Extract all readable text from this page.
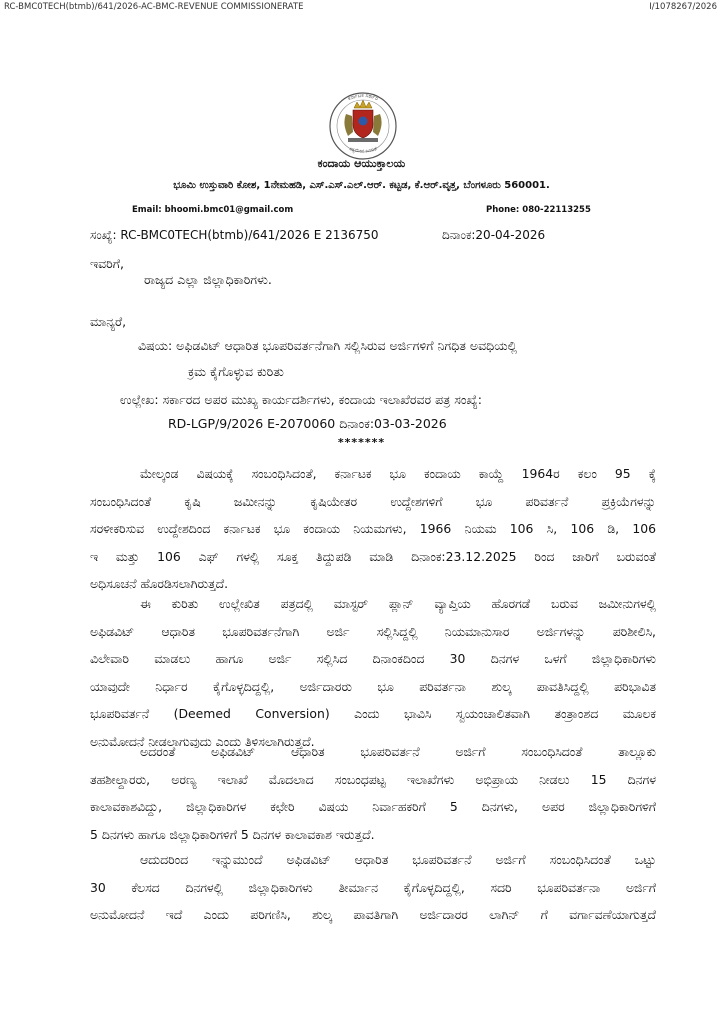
RC-BMC0TECH(btmb)/641/2026-AC-BMC-REVENUE COMMISSIONERATE	I/1078267/2026
ಕರ್ನಾಟಕ ಸರ್ಕಾರ
ಸತ್ಯಮೇವ ಜಯತೆ
ಕಂದಾಯ ಆಯುಕ್ತಾಲಯ
ಭೂಮಿ ಉಸ್ತುವಾರಿ ಕೋಶ, 1ನೇಮಹಡಿ, ಎಸ್.ಎಸ್.ಎಲ್.ಆರ್. ಕಟ್ಟಡ, ಕೆ.ಆರ್.ವೃತ್ತ, ಬೆಂಗಳೂರು 560001.
Email: bhoomi.bmc01@gmail.com	Phone: 080-22113255
ಸಂಖ್ಯೆ: RC-BMC0TECH(btmb)/641/2026 E 2136750	ದಿನಾಂಕ:20-04-2026
ಇವರಿಗೆ,
ರಾಜ್ಯದ ಎಲ್ಲಾ ಜಿಲ್ಲಾಧಿಕಾರಿಗಳು.
ಮಾನ್ಯರೆ,
ವಿಷಯ: ಅಫಿಡವಿಟ್ ಆಧಾರಿತ ಭೂಪರಿವರ್ತನೆಗಾಗಿ ಸಲ್ಲಿಸಿರುವ ಅರ್ಜಿಗಳಿಗೆ ನಿಗಧಿತ ಅವಧಿಯಲ್ಲಿ
ಕ್ರಮ ಕೈಗೊಳ್ಳುವ ಕುರಿತು
ಉಲ್ಲೇಖ: ಸರ್ಕಾರದ ಅಪರ ಮುಖ್ಯ ಕಾರ್ಯದರ್ಶಿಗಳು, ಕಂದಾಯ ಇಲಾಖೆರವರ ಪತ್ರ ಸಂಖ್ಯೆ:
RD-LGP/9/2026 E-2070060 ದಿನಾಂಕ:03-03-2026
*******
ಮೇಲ್ಕಂಡ ವಿಷಯಕ್ಕೆ ಸಂಬಂಧಿಸಿದಂತೆ, ಕರ್ನಾಟಕ ಭೂ ಕಂದಾಯ ಕಾಯ್ದೆ 1964ರ ಕಲಂ 95 ಕ್ಕೆ
ಸಂಬಂಧಿಸಿದಂತೆ ಕೃಷಿ ಜಮೀನನ್ನು ಕೃಷಿಯೇತರ ಉದ್ದೇಶಗಳಿಗೆ ಭೂ ಪರಿವರ್ತನೆ ಪ್ರಕ್ರಿಯೆಗಳನ್ನು
ಸರಳೀಕರಿಸುವ ಉದ್ದೇಶದಿಂದ ಕರ್ನಾಟಕ ಭೂ ಕಂದಾಯ ನಿಯಮಗಳು, 1966 ನಿಯಮ 106 ಸಿ, 106 ಡಿ, 106
ಇ ಮತ್ತು 106 ಎಫ್ ಗಳಲ್ಲಿ ಸೂಕ್ತ ತಿದ್ದುಪಡಿ ಮಾಡಿ ದಿನಾಂಕ:23.12.2025 ರಿಂದ ಜಾರಿಗೆ ಬರುವಂತೆ
ಅಧಿಸೂಚನೆ ಹೊರಡಿಸಲಾಗಿರುತ್ತದೆ.
ಈ ಕುರಿತು ಉಲ್ಲೇಖಿತ ಪತ್ರದಲ್ಲಿ ಮಾಸ್ಟರ್ ಪ್ಲಾನ್ ವ್ಯಾಪ್ತಿಯ ಹೊರಗಡೆ ಬರುವ ಜಮೀನುಗಳಲ್ಲಿ
ಅಫಿಡವಿಟ್ ಆಧಾರಿತ ಭೂಪರಿವರ್ತನೆಗಾಗಿ ಅರ್ಜಿ ಸಲ್ಲಿಸಿದ್ದಲ್ಲಿ ನಿಯಮಾನುಸಾರ ಅರ್ಜಿಗಳನ್ನು ಪರಿಶೀಲಿಸಿ,
ವಿಲೇವಾರಿ ಮಾಡಲು ಹಾಗೂ ಅರ್ಜಿ ಸಲ್ಲಿಸಿದ ದಿನಾಂಕದಿಂದ 30 ದಿನಗಳ ಒಳಗೆ ಜಿಲ್ಲಾಧಿಕಾರಿಗಳು
ಯಾವುದೇ ನಿರ್ಧಾರ ಕೈಗೊಳ್ಳದಿದ್ದಲ್ಲಿ, ಅರ್ಜಿದಾರರು ಭೂ ಪರಿವರ್ತನಾ ಶುಲ್ಕ ಪಾವತಿಸಿದ್ದಲ್ಲಿ ಪರಿಭಾವಿತ
ಭೂಪರಿವರ್ತನೆ (Deemed Conversion) ಎಂದು ಭಾವಿಸಿ ಸ್ವಯಂಚಾಲಿತವಾಗಿ ತಂತ್ರಾಂಶದ ಮೂಲಕ
ಅನುಮೋದನೆ ನೀಡಲಾಗುವುದು ಎಂದು ತಿಳಿಸಲಾಗಿರುತ್ತದೆ.
ಅದರಂತೆ ಅಫಿಡವಿಟ್ ಆಧಾರಿತ ಭೂಪರಿವರ್ತನೆ ಅರ್ಜಿಗೆ ಸಂಬಂಧಿಸಿದಂತೆ ತಾಲ್ಲೂಕು
ತಹಶೀಲ್ದಾರರು, ಅರಣ್ಯ ಇಲಾಖೆ ಮೊದಲಾದ ಸಂಬಂಧಪಟ್ಟ ಇಲಾಖೆಗಳು ಅಭಿಪ್ರಾಯ ನೀಡಲು 15 ದಿನಗಳ
ಕಾಲಾವಕಾಶವಿದ್ದು, ಜಿಲ್ಲಾಧಿಕಾರಿಗಳ ಕಛೇರಿ ವಿಷಯ ನಿರ್ವಾಹಕರಿಗೆ 5 ದಿನಗಳು, ಅಪರ ಜಿಲ್ಲಾಧಿಕಾರಿಗಳಿಗೆ
5 ದಿನಗಳು ಹಾಗೂ ಜಿಲ್ಲಾಧಿಕಾರಿಗಳಿಗೆ 5 ದಿನಗಳ ಕಾಲಾವಕಾಶ ಇರುತ್ತದೆ.
ಆದುದರಿಂದ ಇನ್ನುಮುಂದೆ ಅಫಿಡವಿಟ್ ಆಧಾರಿತ ಭೂಪರಿವರ್ತನೆ ಅರ್ಜಿಗೆ ಸಂಬಂಧಿಸಿದಂತೆ ಒಟ್ಟು
30 ಕೆಲಸದ ದಿನಗಳಲ್ಲಿ ಜಿಲ್ಲಾಧಿಕಾರಿಗಳು ತೀರ್ಮಾನ ಕೈಗೊಳ್ಳದಿದ್ದಲ್ಲಿ, ಸದರಿ ಭೂಪರಿವರ್ತನಾ ಅರ್ಜಿಗೆ
ಅನುಮೋದನೆ ಇದೆ ಎಂದು ಪರಿಗಣಿಸಿ, ಶುಲ್ಕ ಪಾವತಿಗಾಗಿ ಅರ್ಜಿದಾರರ ಲಾಗಿನ್ ಗೆ ವರ್ಗಾವಣೆಯಾಗುತ್ತದೆ
